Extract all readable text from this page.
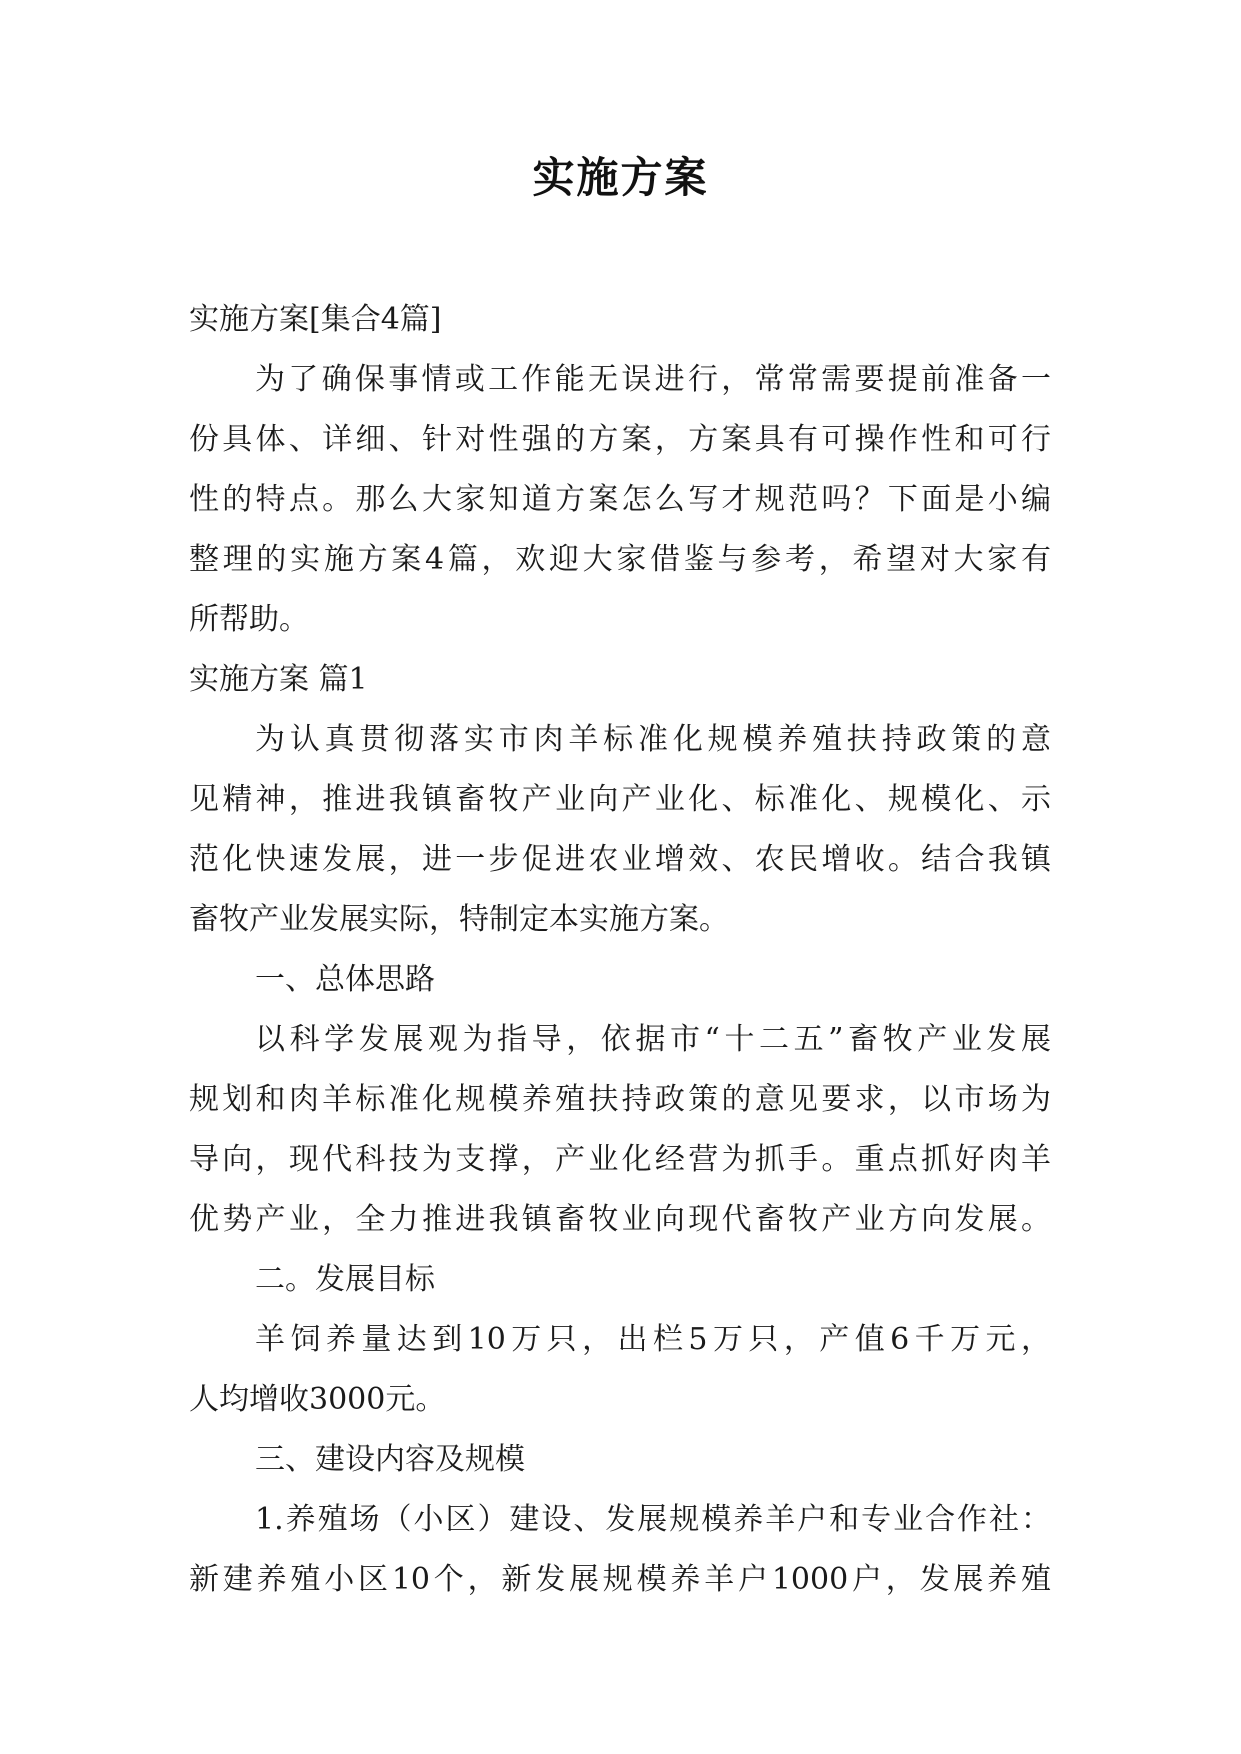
实施方案
实施方案[集合4篇]
为了确保事情或工作能无误进行，常常需要提前准备一
份具体、详细、针对性强的方案，方案具有可操作性和可行
性的特点。那么大家知道方案怎么写才规范吗？下面是小编
整理的实施方案4篇，欢迎大家借鉴与参考，希望对大家有
所帮助。
实施方案 篇1
为认真贯彻落实市肉羊标准化规模养殖扶持政策的意
见精神，推进我镇畜牧产业向产业化、标准化、规模化、示
范化快速发展，进一步促进农业增效、农民增收。结合我镇
畜牧产业发展实际，特制定本实施方案。
一、总体思路
以科学发展观为指导，依据市“十二五”畜牧产业发展
规划和肉羊标准化规模养殖扶持政策的意见要求，以市场为
导向，现代科技为支撑，产业化经营为抓手。重点抓好肉羊
优势产业，全力推进我镇畜牧业向现代畜牧产业方向发展。
二。发展目标
羊饲养量达到10万只，出栏5万只，产值6千万元，
人均增收3000元。
三、建设内容及规模
1.养殖场（小区）建设、发展规模养羊户和专业合作社：
新建养殖小区10个，新发展规模养羊户1000户，发展养殖
